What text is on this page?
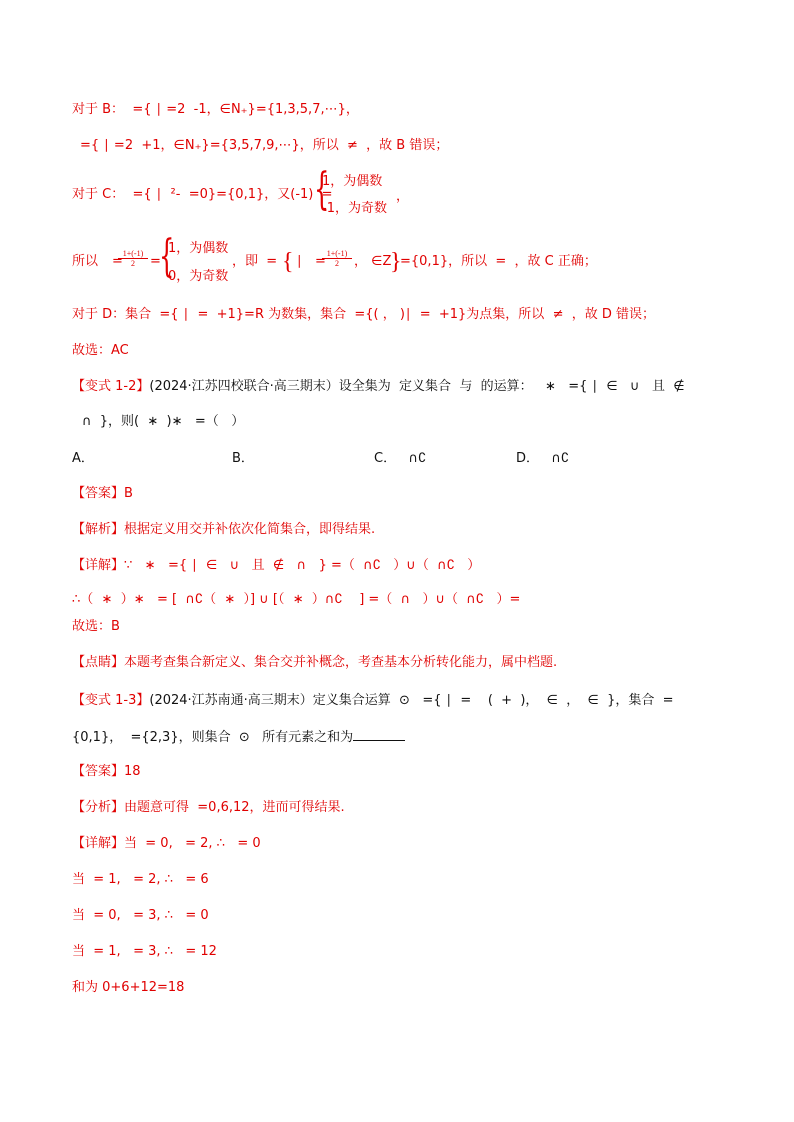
对于 B：  ={ ∣ =2  -1，∈N₊}={1,3,5,7,⋯}，
={ ∣ =2  +1，∈N₊}={3,5,7,9,⋯}，所以  ≠  ，故 B 错误；
对于 C：  ={ ∣  ²-  =0}={0,1}，又(-1)  =
{
1，为偶数
-1，为奇数
，
所以 =
$\frac{1+(-1)}{2}$ =
{
1，为偶数
0，为奇数
，即  = {
∣   =
$\frac{1+(-1)}{2}$ ， ∈Z
}
={0,1}，所以  =  ，故 C 正确；
对于 D：集合  ={ ∣  =  +1}=R 为数集，集合  ={( ， )∣  =  +1}为点集，所以  ≠  ，故 D 错误；
故选：AC
【变式 1-2】(2024·江苏四校联合·高三期末）设全集为  定义集合  与  的运算：   ∗   ={ ∣  ∈   ∪   且  ∉
∩  }，则(  ∗  )∗   =（   ）
A．	B．	C．   ∩∁	D．   ∩∁
【答案】B
【解析】根据定义用交并补依次化简集合，即得结果.
【详解】∵   ∗   ={ ∣  ∈   ∪   且  ∉   ∩   } =（  ∩∁   ）∪（  ∩∁   ）
∴（  ∗  ）∗   = [  ∩∁（  ∗  ）] ∪ [（  ∗  ）∩∁    ] =（  ∩   ）∪（  ∩∁   ）=
故选：B
【点睛】本题考查集合新定义、集合交并补概念，考查基本分析转化能力，属中档题.
【变式 1-3】(2024·江苏南通·高三期末）定义集合运算  ⊙   ={ ∣  =    (  +  )，  ∈  ，  ∈  }，集合  =
{0,1}，  ={2,3}，则集合  ⊙   所有元素之和为
【答案】18
【分析】由题意可得  =0,6,12，进而可得结果.
【详解】当  = 0,   = 2, ∴   = 0
当  = 1,   = 2, ∴   = 6
当  = 0,   = 3, ∴   = 0
当  = 1,   = 3, ∴   = 12
和为 0+6+12=18
